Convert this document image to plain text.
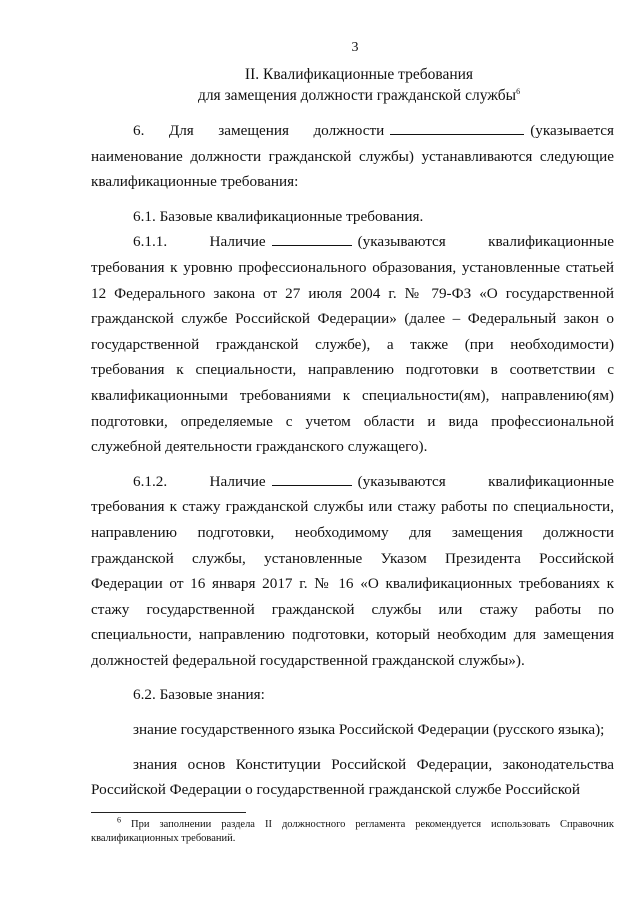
3
II. Квалификационные требования
для замещения должности гражданской службы$^6$

6. Для замещения должности	(указывается наименование должности гражданской службы) устанавливаются следующие квалификационные требования:

6.1. Базовые квалификационные требования.

6.1.1. Наличие	(указываются квалификационные требования к уровню профессионального образования, установленные статьей 12 Федерального закона от 27 июля 2004 г. № 79-ФЗ «О государственной гражданской службе Российской Федерации» (далее – Федеральный закон о государственной гражданской службе), а также (при необходимости) требования к специальности, направлению подготовки в соответствии с квалификационными требованиями к специальности(ям), направлению(ям) подготовки, определяемые с учетом области и вида профессиональной служебной деятельности гражданского служащего).

6.1.2. Наличие	(указываются квалификационные требования к стажу гражданской службы или стажу работы по специальности, направлению подготовки, необходимому для замещения должности гражданской службы, установленные Указом Президента Российской Федерации от 16 января 2017 г. № 16 «О квалификационных требованиях к стажу государственной гражданской службы или стажу работы по специальности, направлению подготовки, который необходим для замещения должностей федеральной государственной гражданской службы»).

6.2. Базовые знания:

знание государственного языка Российской Федерации (русского языка);

знания основ Конституции Российской Федерации, законодательства Российской Федерации о государственной гражданской службе Российской

$^6$ При заполнении раздела II должностного регламента рекомендуется использовать Справочник квалификационных требований.
